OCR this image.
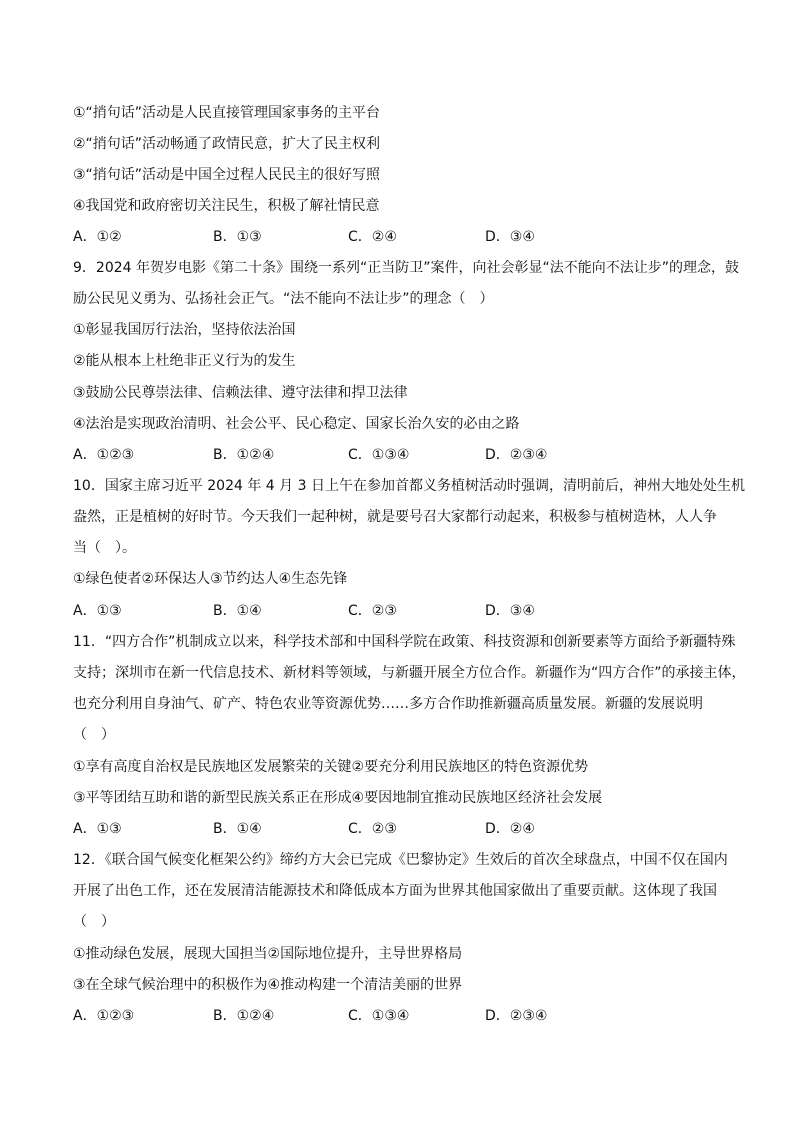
①“捎句话”活动是人民直接管理国家事务的主平台
②“捎句话”活动畅通了政情民意，扩大了民主权利
③“捎句话”活动是中国全过程人民民主的很好写照
④我国党和政府密切关注民生，积极了解社情民意
A．①②	B．①③	C．②④	D．③④
9．2024 年贺岁电影《第二十条》围绕一系列“正当防卫”案件，向社会彰显“法不能向不法让步”的理念，鼓
励公民见义勇为、弘扬社会正气。“法不能向不法让步”的理念（　）
①彰显我国厉行法治，坚持依法治国
②能从根本上杜绝非正义行为的发生
③鼓励公民尊崇法律、信赖法律、遵守法律和捍卫法律
④法治是实现政治清明、社会公平、民心稳定、国家长治久安的必由之路
A．①②③	B．①②④	C．①③④	D．②③④
10．国家主席习近平 2024 年 4 月 3 日上午在参加首都义务植树活动时强调，清明前后，神州大地处处生机
盎然，正是植树的好时节。今天我们一起种树，就是要号召大家都行动起来，积极参与植树造林，人人争
当（　）。
①绿色使者②环保达人③节约达人④生态先锋
A．①③	B．①④	C．②③	D．③④
11．“四方合作”机制成立以来，科学技术部和中国科学院在政策、科技资源和创新要素等方面给予新疆特殊
支持；深圳市在新一代信息技术、新材料等领域，与新疆开展全方位合作。新疆作为“四方合作”的承接主体，
也充分利用自身油气、矿产、特色农业等资源优势……多方合作助推新疆高质量发展。新疆的发展说明
（　）
①享有高度自治权是民族地区发展繁荣的关键②要充分利用民族地区的特色资源优势
③平等团结互助和谐的新型民族关系正在形成④要因地制宜推动民族地区经济社会发展
A．①③	B．①④	C．②③	D．②④
12．《联合国气候变化框架公约》缔约方大会已完成《巴黎协定》生效后的首次全球盘点，中国不仅在国内
开展了出色工作，还在发展清洁能源技术和降低成本方面为世界其他国家做出了重要贡献。这体现了我国
（　）
①推动绿色发展，展现大国担当②国际地位提升，主导世界格局
③在全球气候治理中的积极作为④推动构建一个清洁美丽的世界
A．①②③	B．①②④	C．①③④	D．②③④
